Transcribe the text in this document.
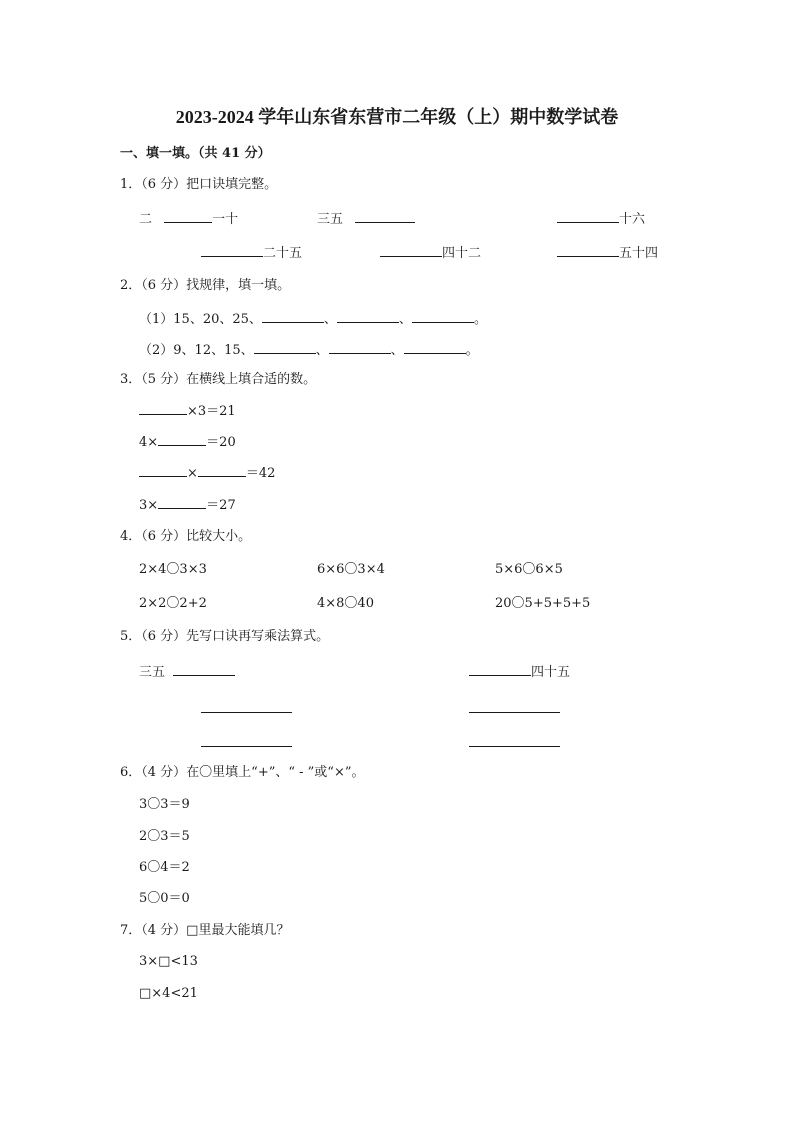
2023-2024 学年山东省东营市二年级（上）期中数学试卷
一、填一填。（共 41 分）
1．（6 分）把口诀填完整。
二	一十	三五	十六
二十五	四十二	五十四
2．（6 分）找规律，填一填。
（1）15、20、25、	、	、	。
（2）9、12、15、	、	、	。
3．（5 分）在横线上填合适的数。
×3＝21
4×	＝20
×	＝42
3×	＝27
4．（6 分）比较大小。
2×4〇3×3	6×6〇3×4	5×6〇6×5
2×2〇2+2	4×8〇40	20〇5+5+5+5
5．（6 分）先写口诀再写乘法算式。
三五	四十五
6．（4 分）在〇里填上“+”、“ - ”或“×”。
3〇3＝9
2〇3＝5
6〇4＝2
5〇0＝0
7．（4 分）□里最大能填几？
3×□<13
□×4<21
